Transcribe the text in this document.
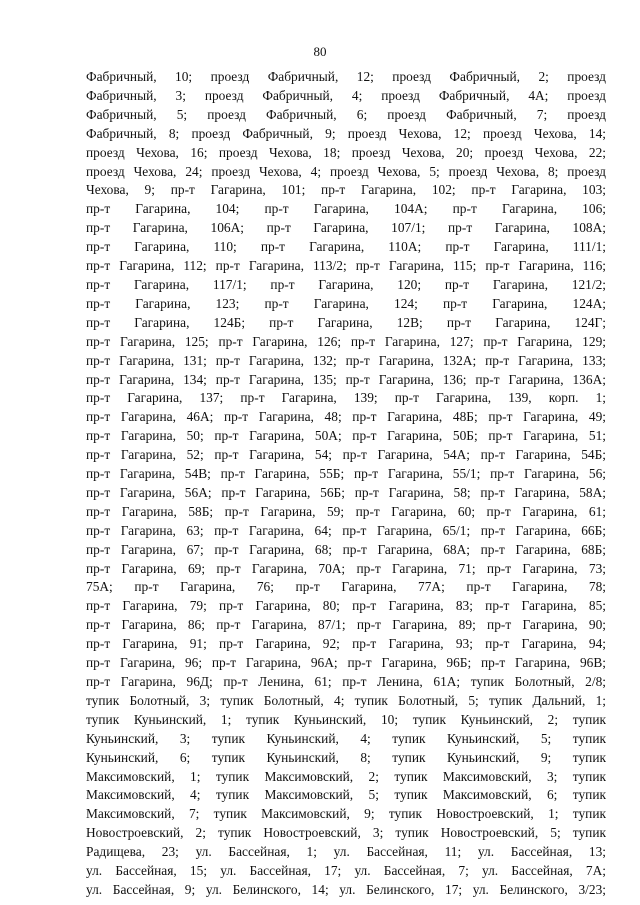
80
Фабричный, 10; проезд Фабричный, 12; проезд Фабричный, 2; проезд
Фабричный, 3; проезд Фабричный, 4; проезд Фабричный, 4А; проезд
Фабричный, 5; проезд Фабричный, 6; проезд Фабричный, 7; проезд
Фабричный, 8; проезд Фабричный, 9; проезд Чехова, 12; проезд Чехова, 14;
проезд Чехова, 16; проезд Чехова, 18; проезд Чехова, 20; проезд Чехова, 22;
проезд Чехова, 24; проезд Чехова, 4; проезд Чехова, 5; проезд Чехова, 8; проезд
Чехова, 9; пр-т Гагарина, 101; пр-т Гагарина, 102; пр-т Гагарина, 103;
пр-т Гагарина, 104; пр-т Гагарина, 104А; пр-т Гагарина, 106;
пр-т Гагарина, 106А; пр-т Гагарина, 107/1; пр-т Гагарина, 108А;
пр-т Гагарина, 110; пр-т Гагарина, 110А; пр-т Гагарина, 111/1;
пр-т Гагарина, 112; пр-т Гагарина, 113/2; пр-т Гагарина, 115; пр-т Гагарина, 116;
пр-т Гагарина, 117/1; пр-т Гагарина, 120; пр-т Гагарина, 121/2;
пр-т Гагарина, 123; пр-т Гагарина, 124; пр-т Гагарина, 124А;
пр-т Гагарина, 124Б; пр-т Гагарина, 12В; пр-т Гагарина, 124Г;
пр-т Гагарина, 125; пр-т Гагарина, 126; пр-т Гагарина, 127; пр-т Гагарина, 129;
пр-т Гагарина, 131; пр-т Гагарина, 132; пр-т Гагарина, 132А; пр-т Гагарина, 133;
пр-т Гагарина, 134; пр-т Гагарина, 135; пр-т Гагарина, 136; пр-т Гагарина, 136А;
пр-т Гагарина, 137; пр-т Гагарина, 139; пр-т Гагарина, 139, корп. 1;
пр-т Гагарина, 46А; пр-т Гагарина, 48; пр-т Гагарина, 48Б; пр-т Гагарина, 49;
пр-т Гагарина, 50; пр-т Гагарина, 50А; пр-т Гагарина, 50Б; пр-т Гагарина, 51;
пр-т Гагарина, 52; пр-т Гагарина, 54; пр-т Гагарина, 54А; пр-т Гагарина, 54Б;
пр-т Гагарина, 54В; пр-т Гагарина, 55Б; пр-т Гагарина, 55/1; пр-т Гагарина, 56;
пр-т Гагарина, 56А; пр-т Гагарина, 56Б; пр-т Гагарина, 58; пр-т Гагарина, 58А;
пр-т Гагарина, 58Б; пр-т Гагарина, 59; пр-т Гагарина, 60; пр-т Гагарина, 61;
пр-т Гагарина, 63; пр-т Гагарина, 64; пр-т Гагарина, 65/1; пр-т Гагарина, 66Б;
пр-т Гагарина, 67; пр-т Гагарина, 68; пр-т Гагарина, 68А; пр-т Гагарина, 68Б;
пр-т Гагарина, 69; пр-т Гагарина, 70А; пр-т Гагарина, 71; пр-т Гагарина, 73;
75А; пр-т Гагарина, 76; пр-т Гагарина, 77А; пр-т Гагарина, 78;
пр-т Гагарина, 79; пр-т Гагарина, 80; пр-т Гагарина, 83; пр-т Гагарина, 85;
пр-т Гагарина, 86; пр-т Гагарина, 87/1; пр-т Гагарина, 89; пр-т Гагарина, 90;
пр-т Гагарина, 91; пр-т Гагарина, 92; пр-т Гагарина, 93; пр-т Гагарина, 94;
пр-т Гагарина, 96; пр-т Гагарина, 96А; пр-т Гагарина, 96Б; пр-т Гагарина, 96В;
пр-т Гагарина, 96Д; пр-т Ленина, 61; пр-т Ленина, 61А; тупик Болотный, 2/8;
тупик Болотный, 3; тупик Болотный, 4; тупик Болотный, 5; тупик Дальний, 1;
тупик Куньинский, 1; тупик Куньинский, 10; тупик Куньинский, 2; тупик
Куньинский, 3; тупик Куньинский, 4; тупик Куньинский, 5; тупик
Куньинский, 6; тупик Куньинский, 8; тупик Куньинский, 9; тупик
Максимовский, 1; тупик Максимовский, 2; тупик Максимовский, 3; тупик
Максимовский, 4; тупик Максимовский, 5; тупик Максимовский, 6; тупик
Максимовский, 7; тупик Максимовский, 9; тупик Новостроевский, 1; тупик
Новостроевский, 2; тупик Новостроевский, 3; тупик Новостроевский, 5; тупик
Радищева, 23; ул. Бассейная, 1; ул. Бассейная, 11; ул. Бассейная, 13;
ул. Бассейная, 15; ул. Бассейная, 17; ул. Бассейная, 7; ул. Бассейная, 7А;
ул. Бассейная, 9; ул. Белинского, 14; ул. Белинского, 17; ул. Белинского, 3/23;
